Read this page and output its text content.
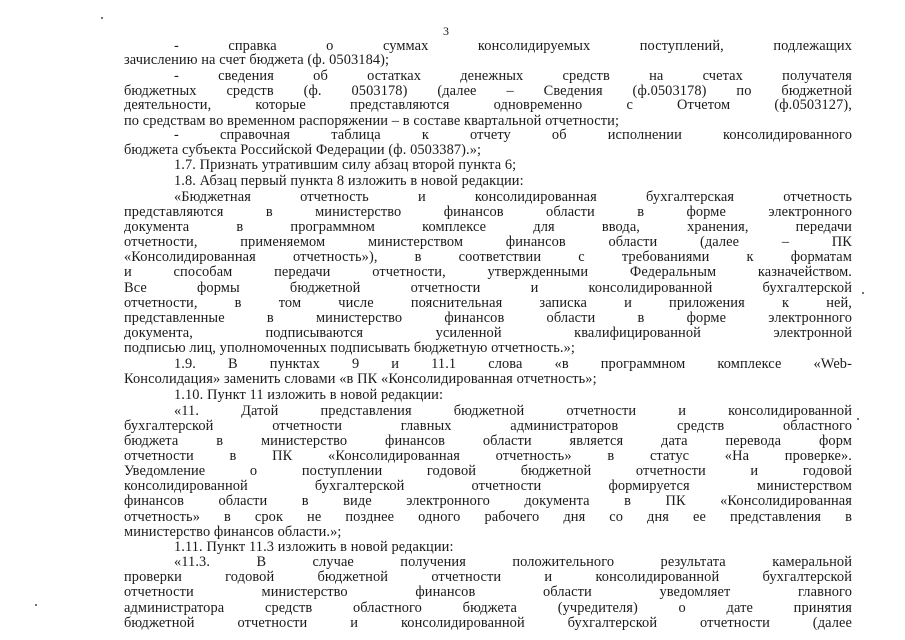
3
- справка о суммах консолидируемых поступлений, подлежащих
зачислению на счет бюджета (ф. 0503184);
- сведения об остатках денежных средств на счетах получателя
бюджетных средств (ф. 0503178) (далее – Сведения (ф.0503178) по бюджетной
деятельности, которые представляются одновременно с Отчетом (ф.0503127),
по средствам во временном распоряжении – в составе квартальной отчетности;
- справочная таблица к отчету об исполнении консолидированного
бюджета субъекта Российской Федерации (ф. 0503387).»;
1.7. Признать утратившим силу абзац второй пункта 6;
1.8. Абзац первый пункта 8 изложить в новой редакции:
«Бюджетная отчетность и консолидированная бухгалтерская отчетность
представляются в министерство финансов области в форме электронного
документа в программном комплексе для ввода, хранения, передачи
отчетности, применяемом министерством финансов области (далее – ПК
«Консолидированная отчетность»), в соответствии с требованиями к форматам
и способам передачи отчетности, утвержденными Федеральным казначейством.
Все формы бюджетной отчетности и консолидированной бухгалтерской
отчетности, в том числе пояснительная записка и приложения к ней,
представленные в министерство финансов области в форме электронного
документа, подписываются усиленной квалифицированной электронной
подписью лиц, уполномоченных подписывать бюджетную отчетность.»;
1.9. В пунктах 9 и 11.1 слова «в программном комплексе «Web-
Консолидация» заменить словами «в ПК «Консолидированная отчетность»;
1.10. Пункт 11 изложить в новой редакции:
«11. Датой представления бюджетной отчетности и консолидированной
бухгалтерской отчетности главных администраторов средств областного
бюджета в министерство финансов области является дата перевода форм
отчетности в ПК «Консолидированная отчетность» в статус «На проверке».
Уведомление о поступлении годовой бюджетной отчетности и годовой
консолидированной бухгалтерской отчетности формируется министерством
финансов области в виде электронного документа в ПК «Консолидированная
отчетность» в срок не позднее одного рабочего дня со дня ее представления в
министерство финансов области.»;
1.11. Пункт 11.3 изложить в новой редакции:
«11.3. В случае получения положительного результата камеральной
проверки годовой бюджетной отчетности и консолидированной бухгалтерской
отчетности министерство финансов области уведомляет главного
администратора средств областного бюджета (учредителя) о дате принятия
бюджетной отчетности и консолидированной бухгалтерской отчетности (далее
